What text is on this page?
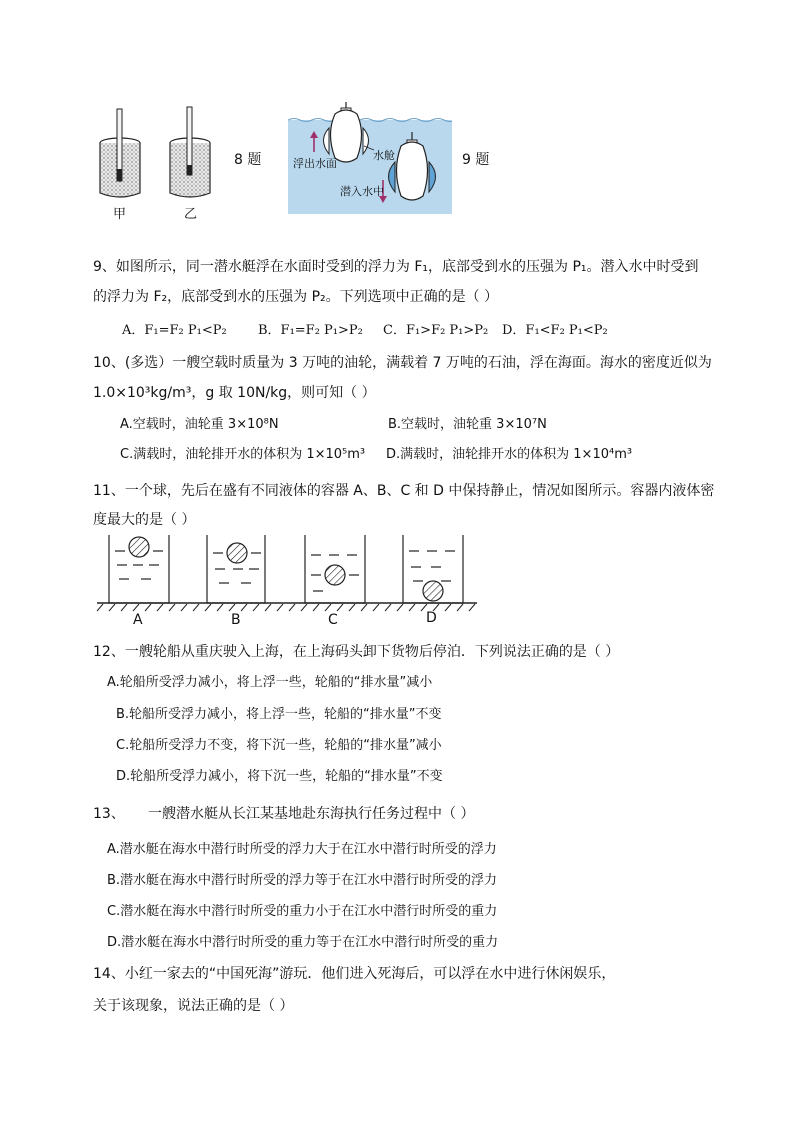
甲	乙
8 题	浮出水面
水舱
潜入水中
9 题
9、如图所示，同一潜水艇浮在水面时受到的浮力为 F₁，底部受到水的压强为 P₁。潜入水中时受到
的浮力为 F₂，底部受到水的压强为 P₂。下列选项中正确的是（ ）
A．F₁=F₂ P₁<P₂ B．F₁=F₂ P₁>P₂ C．F₁>F₂ P₁>P₂ D．F₁<F₂ P₁<P₂
10、(多选）一艘空载时质量为 3 万吨的油轮，满载着 7 万吨的石油，浮在海面。海水的密度近似为
1.0×10³kg/m³，g 取 10N/kg，则可知（ ）
A.空载时，油轮重 3×10⁸N	B.空载时，油轮重 3×10⁷N
C.满载时，油轮排开水的体积为 1×10⁵m³ D.满载时，油轮排开水的体积为 1×10⁴m³
11、一个球，先后在盛有不同液体的容器 A、B、C 和 D 中保持静止，情况如图所示。容器内液体密
度最大的是（ ）
A	B	C	D
12、一艘轮船从重庆驶入上海，在上海码头卸下货物后停泊．下列说法正确的是（ ）
A.轮船所受浮力减小，将上浮一些，轮船的“排水量”减小
B.轮船所受浮力减小，将上浮一些，轮船的“排水量”不变
C.轮船所受浮力不变，将下沉一些，轮船的“排水量”减小
D.轮船所受浮力减小，将下沉一些，轮船的“排水量”不变
13、 一艘潜水艇从长江某基地赴东海执行任务过程中（ ）
A.潜水艇在海水中潜行时所受的浮力大于在江水中潜行时所受的浮力
B.潜水艇在海水中潜行时所受的浮力等于在江水中潜行时所受的浮力
C.潜水艇在海水中潜行时所受的重力小于在江水中潜行时所受的重力
D.潜水艇在海水中潜行时所受的重力等于在江水中潜行时所受的重力
14、小红一家去的“中国死海”游玩．他们进入死海后，可以浮在水中进行休闲娱乐，
关于该现象，说法正确的是（ ）
